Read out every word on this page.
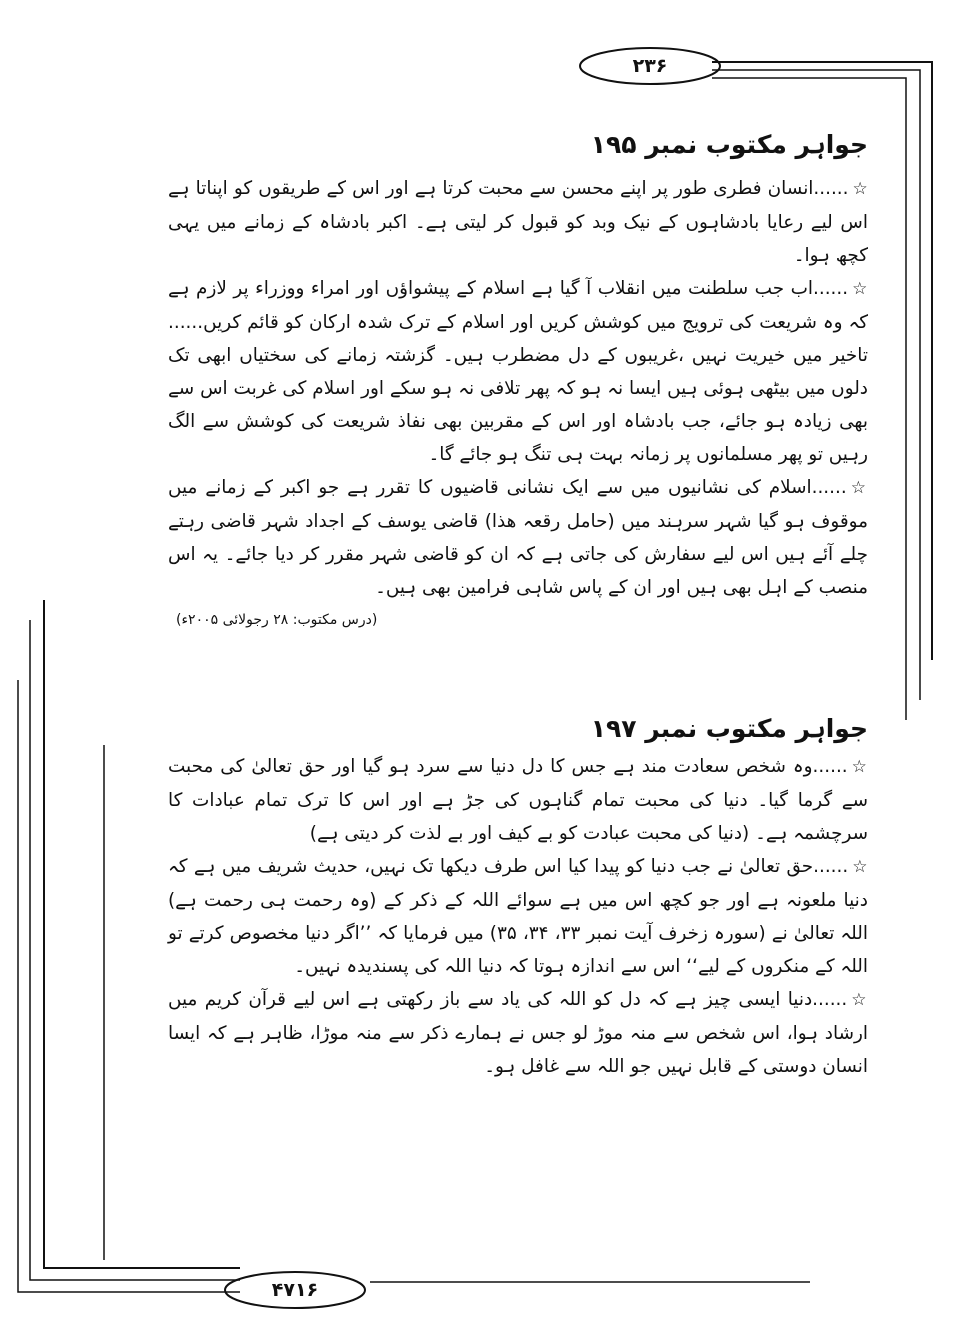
۲۳۶
۴۷۱۶
جواہر مکتوب نمبر ۱۹۵

☆......انسان فطری طور پر اپنے محسن سے محبت کرتا ہے اور اس کے طریقوں کو اپناتا ہے اس لیے رعایا بادشاہوں کے نیک وبد کو قبول کر لیتی ہے۔ اکبر بادشاہ کے زمانے میں یہی کچھ ہوا۔

☆......اب جب سلطنت میں انقلاب آ گیا ہے اسلام کے پیشواؤں اور امراء ووزراء پر لازم ہے کہ وہ شریعت کی ترویج میں کوشش کریں اور اسلام کے ترک شدہ ارکان کو قائم کریں...... تاخیر میں خیریت نہیں ،غریبوں کے دل مضطرب ہیں۔ گزشتہ زمانے کی سختیاں ابھی تک دلوں میں بیٹھی ہوئی ہیں ایسا نہ ہو کہ پھر تلافی نہ ہو سکے اور اسلام کی غربت اس سے بھی زیادہ ہو جائے، جب بادشاہ اور اس کے مقربین بھی نفاذ شریعت کی کوشش سے الگ رہیں تو پھر مسلمانوں پر زمانہ بہت ہی تنگ ہو جائے گا۔

☆......اسلام کی نشانیوں میں سے ایک نشانی قاضیوں کا تقرر ہے جو اکبر کے زمانے میں موقوف ہو گیا شہر سرہند میں (حامل رقعہ ھذا) قاضی یوسف کے اجداد شہر قاضی رہتے چلے آئے ہیں اس لیے سفارش کی جاتی ہے کہ ان کو قاضی شہر مقرر کر دیا جائے۔ یہ اس منصب کے اہل بھی ہیں اور ان کے پاس شاہی فرامین بھی ہیں۔
(درس مکتوب: ۲۸ رجولائی ۲۰۰۵ء)

جواہر مکتوب نمبر ۱۹۷

☆......وہ شخص سعادت مند ہے جس کا دل دنیا سے سرد ہو گیا اور حق تعالیٰ کی محبت سے گرما گیا۔ دنیا کی محبت تمام گناہوں کی جڑ ہے اور اس کا ترک تمام عبادات کا سرچشمہ ہے۔ (دنیا کی محبت عبادت کو بے کیف اور بے لذت کر دیتی ہے)

☆......حق تعالیٰ نے جب دنیا کو پیدا کیا اس طرف دیکھا تک نہیں، حدیث شریف میں ہے کہ دنیا ملعونہ ہے اور جو کچھ اس میں ہے سوائے اللہ کے ذکر کے (وہ رحمت ہی رحمت ہے) اللہ تعالیٰ نے (سورہ زخرف آیت نمبر ۳۳، ۳۴، ۳۵) میں فرمایا کہ ’’اگر دنیا مخصوص کرتے تو اللہ کے منکروں کے لیے‘‘ اس سے اندازہ ہوتا کہ دنیا اللہ کی پسندیدہ نہیں۔

☆......دنیا ایسی چیز ہے کہ دل کو اللہ کی یاد سے باز رکھتی ہے اس لیے قرآن کریم میں ارشاد ہوا، اس شخص سے منہ موڑ لو جس نے ہمارے ذکر سے منہ موڑا، ظاہر ہے کہ ایسا انسان دوستی کے قابل نہیں جو اللہ سے غافل ہو۔
